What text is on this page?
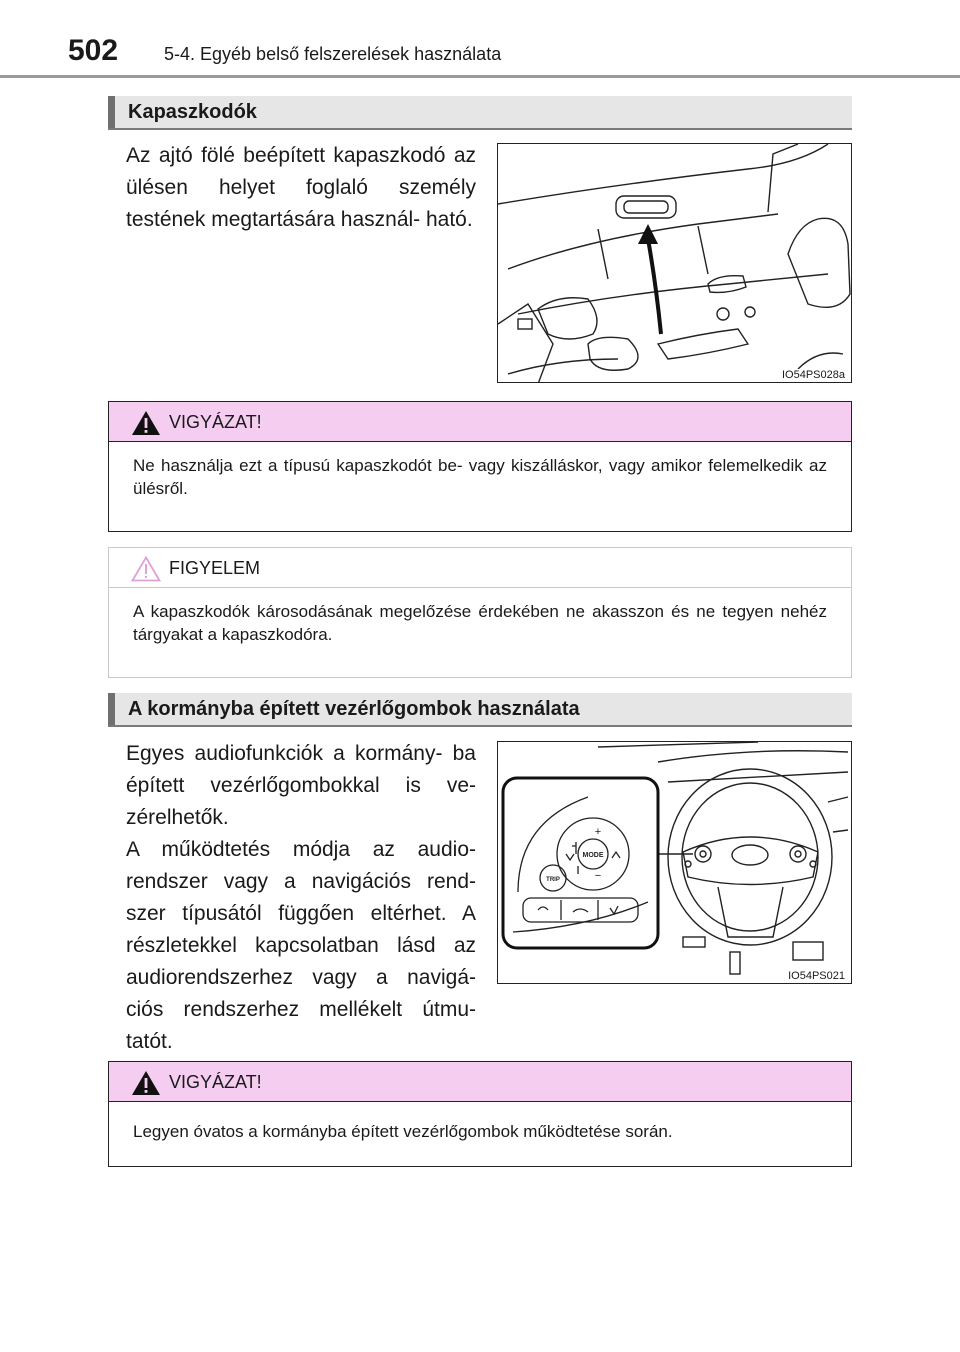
502	5-4. Egyéb belső felszerelések használata
Kapaszkodók
Az ajtó fölé beépített kapaszkodó az ülésen helyet foglaló személy testének megtartására használ- ható.
IO54PS028a
VIGYÁZAT!
Ne használja ezt a típusú kapaszkodót be- vagy kiszálláskor, vagy amikor felemelkedik az ülésről.
FIGYELEM
A kapaszkodók károsodásának megelőzése érdekében ne akasszon és ne tegyen nehéz tárgyakat a kapaszkodóra.
A kormányba épített vezérlőgombok használata
Egyes audiofunkciók a kormány- ba épített vezérlőgombokkal is ve- zérelhetők.
A működtetés módja az audio- rendszer vagy a navigációs rend- szer típusától függően eltérhet. A részletekkel kapcsolatban lásd az audiorendszerhez vagy a navigá- ciós rendszerhez mellékelt útmu- tatót.
MODE
TRIP
+
−
IO54PS021
VIGYÁZAT!
Legyen óvatos a kormányba épített vezérlőgombok működtetése során.
